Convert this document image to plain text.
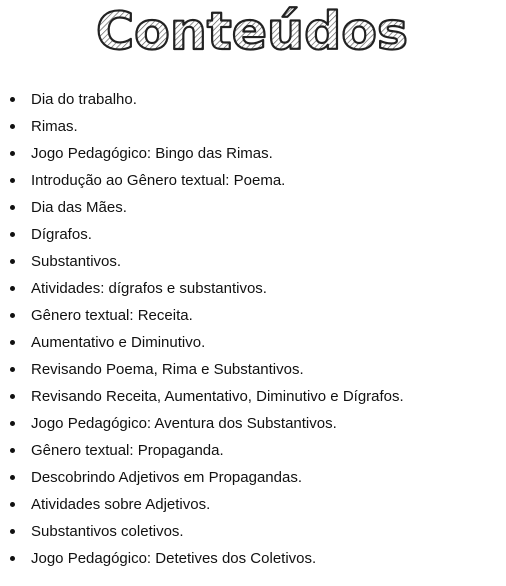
Conteúdos
Dia do trabalho.
Rimas.
Jogo Pedagógico: Bingo das Rimas.
Introdução ao Gênero textual: Poema.
Dia das Mães.
Dígrafos.
Substantivos.
Atividades: dígrafos e substantivos.
Gênero textual: Receita.
Aumentativo e Diminutivo.
Revisando Poema, Rima e Substantivos.
Revisando Receita, Aumentativo, Diminutivo e Dígrafos.
Jogo Pedagógico: Aventura dos Substantivos.
Gênero textual: Propaganda.
Descobrindo Adjetivos em Propagandas.
Atividades sobre Adjetivos.
Substantivos coletivos.
Jogo Pedagógico: Detetives dos Coletivos.
